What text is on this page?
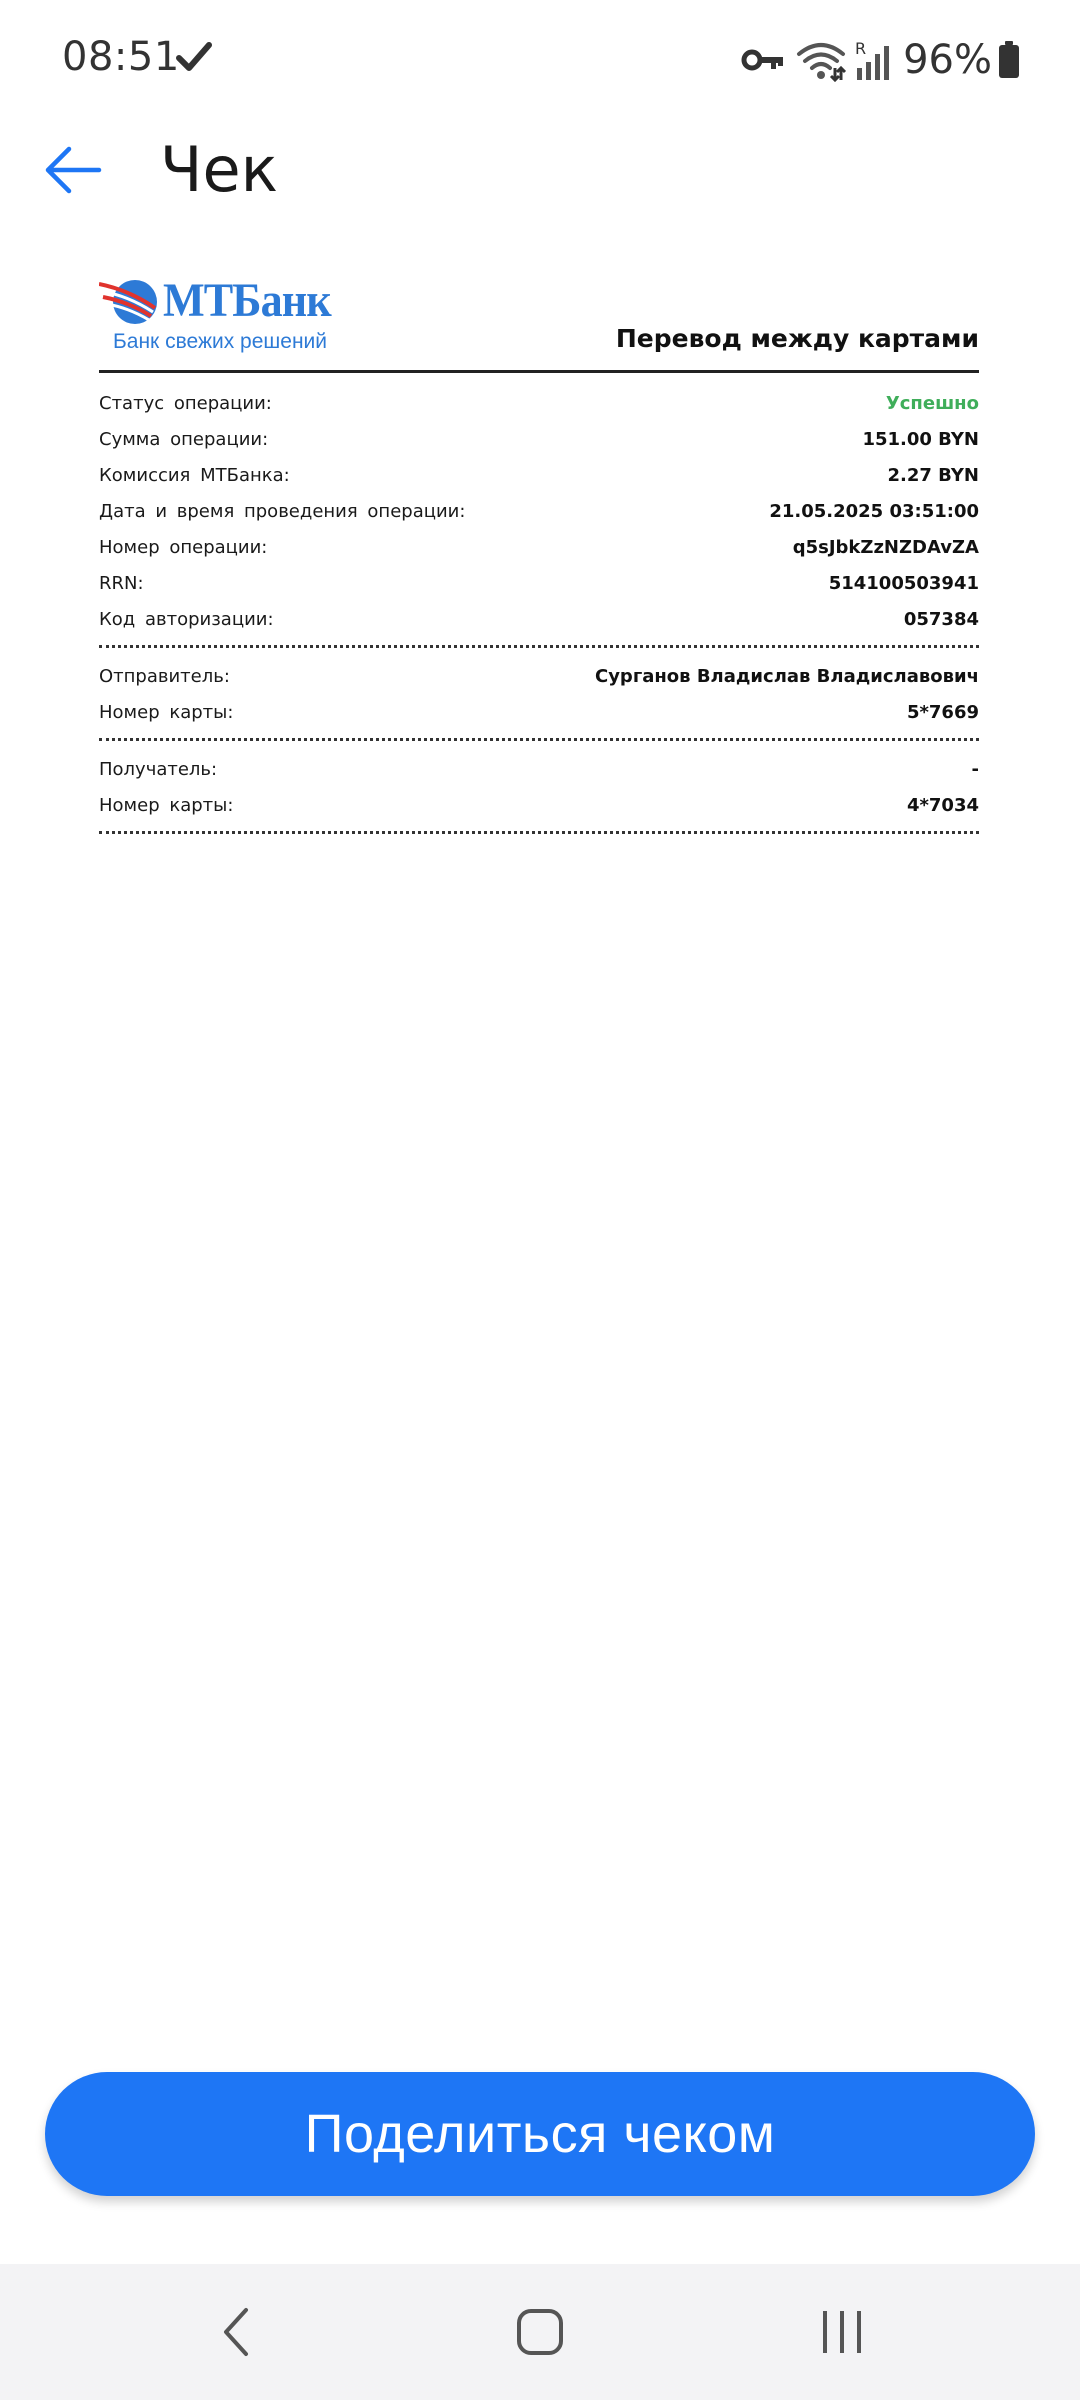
08:51	R 96%
Чек
МТБанк
Банк свежих решений	Перевод между картами
Статус операции:	Успешно
Сумма операции:	151.00 BYN
Комиссия МТБанка:	2.27 BYN
Дата и время проведения операции:	21.05.2025 03:51:00
Номер операции:	q5sJbkZzNZDAvZA
RRN:	514100503941
Код авторизации:	057384
Отправитель:	Сурганов Владислав Владиславович
Номер карты:	5*7669
Получатель:	-
Номер карты:	4*7034
Поделиться чеком
